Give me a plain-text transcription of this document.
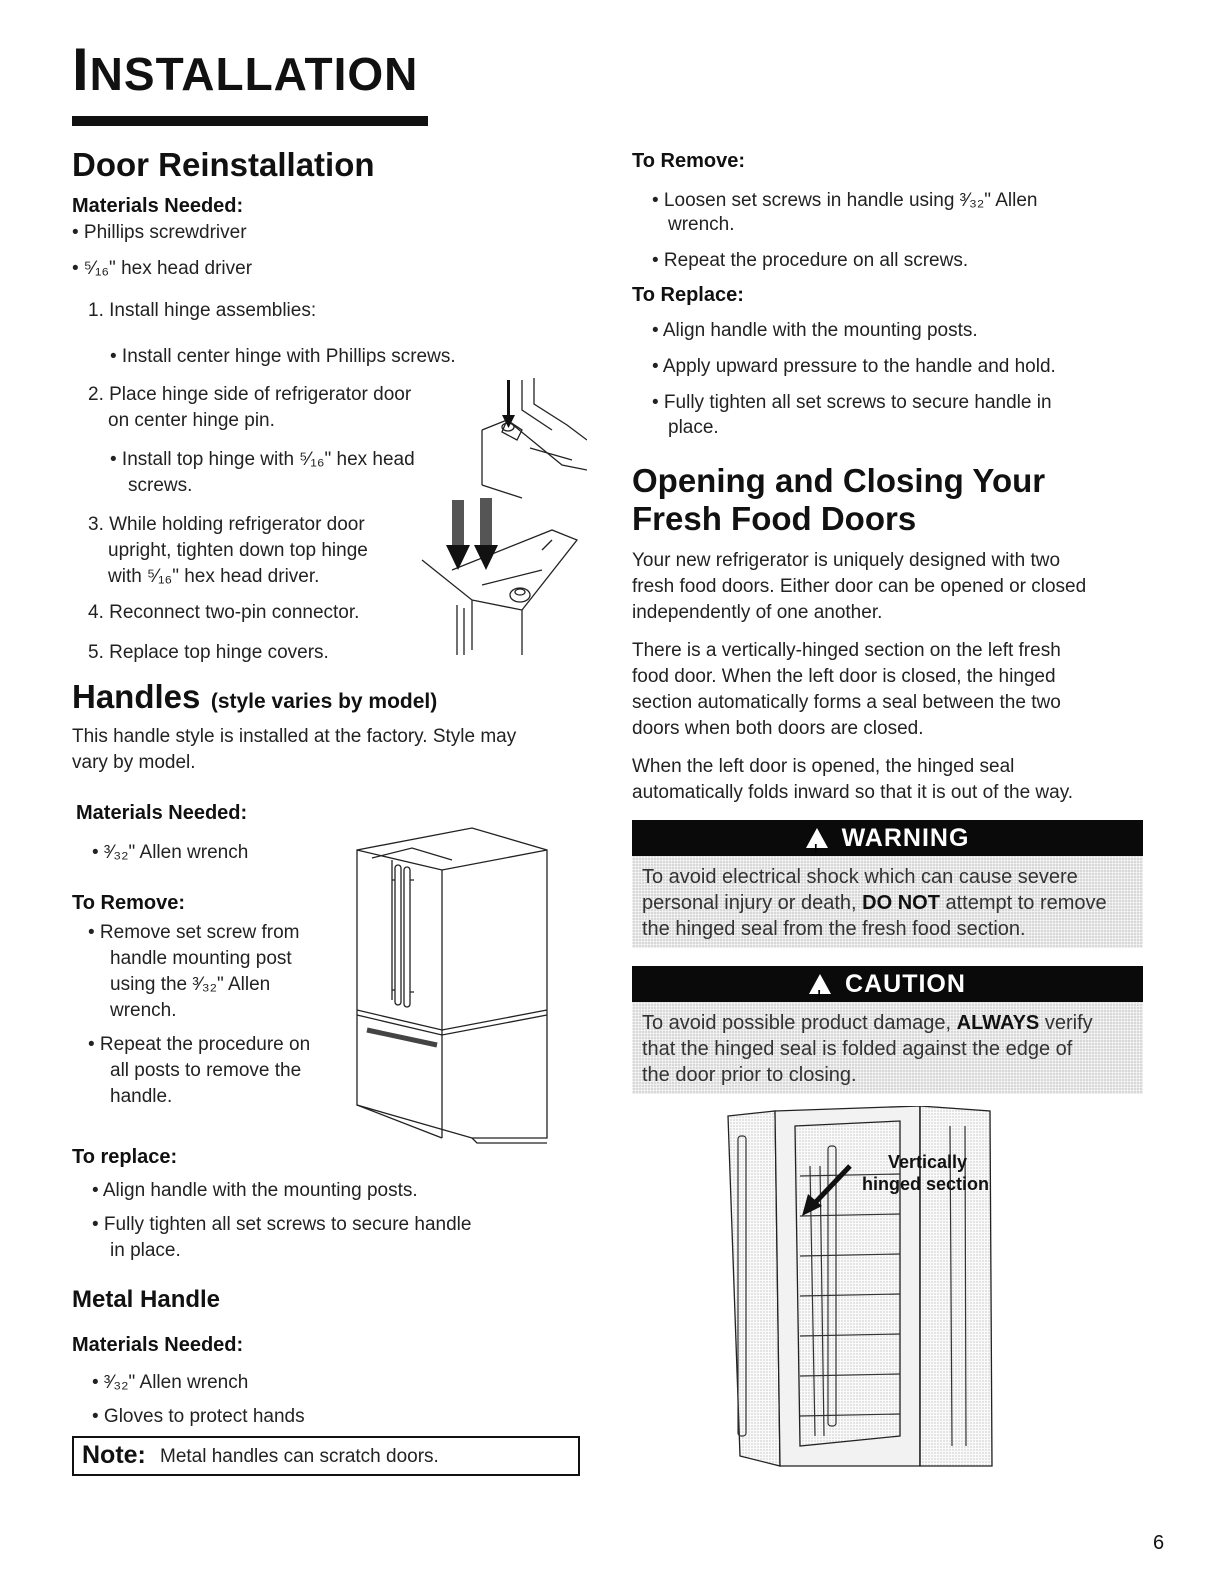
INSTALLATION
Door Reinstallation
Materials Needed:
• Phillips screwdriver
• ⁵⁄₁₆" hex head driver
1. Install hinge assemblies:
• Install center hinge with Phillips screws.
2. Place hinge side of refrigerator door
on center hinge pin.
• Install top hinge with ⁵⁄₁₆" hex head
screws.
3. While holding refrigerator door
upright, tighten down top hinge
with ⁵⁄₁₆" hex head driver.
4. Reconnect two-pin connector.
5. Replace top hinge covers.
Handles (style varies by model)
This handle style is installed at the factory. Style may
vary by model.
Materials Needed:
• ³⁄₃₂" Allen wrench
To Remove:
• Remove set screw from
handle mounting post
using the ³⁄₃₂" Allen
wrench.
• Repeat the procedure on
all posts to remove the
handle.
To replace:
• Align handle with the mounting posts.
• Fully tighten all set screws to secure handle
in place.
Metal Handle
Materials Needed:
• ³⁄₃₂" Allen wrench
• Gloves to protect hands
Note: Metal handles can scratch doors.
To Remove:
• Loosen set screws in handle using ³⁄₃₂" Allen
wrench.
• Repeat the procedure on all screws.
To Replace:
• Align handle with the mounting posts.
• Apply upward pressure to the handle and hold.
• Fully tighten all set screws to secure handle in
place.
Opening and Closing Your
Fresh Food Doors
Your new refrigerator is uniquely designed with two
fresh food doors. Either door can be opened or closed
independently of one another.
There is a vertically-hinged section on the left fresh
food door. When the left door is closed, the hinged
section automatically forms a seal between the two
doors when both doors are closed.
When the left door is opened, the hinged seal
automatically folds inward so that it is out of the way.
!WARNING
To avoid electrical shock which can cause severe
personal injury or death, DO NOT attempt to remove
the hinged seal from the fresh food section.
!CAUTION
To avoid possible product damage, ALWAYS verify
that the hinged seal is folded against the edge of
the door prior to closing.
Vertically
hinged section
6
